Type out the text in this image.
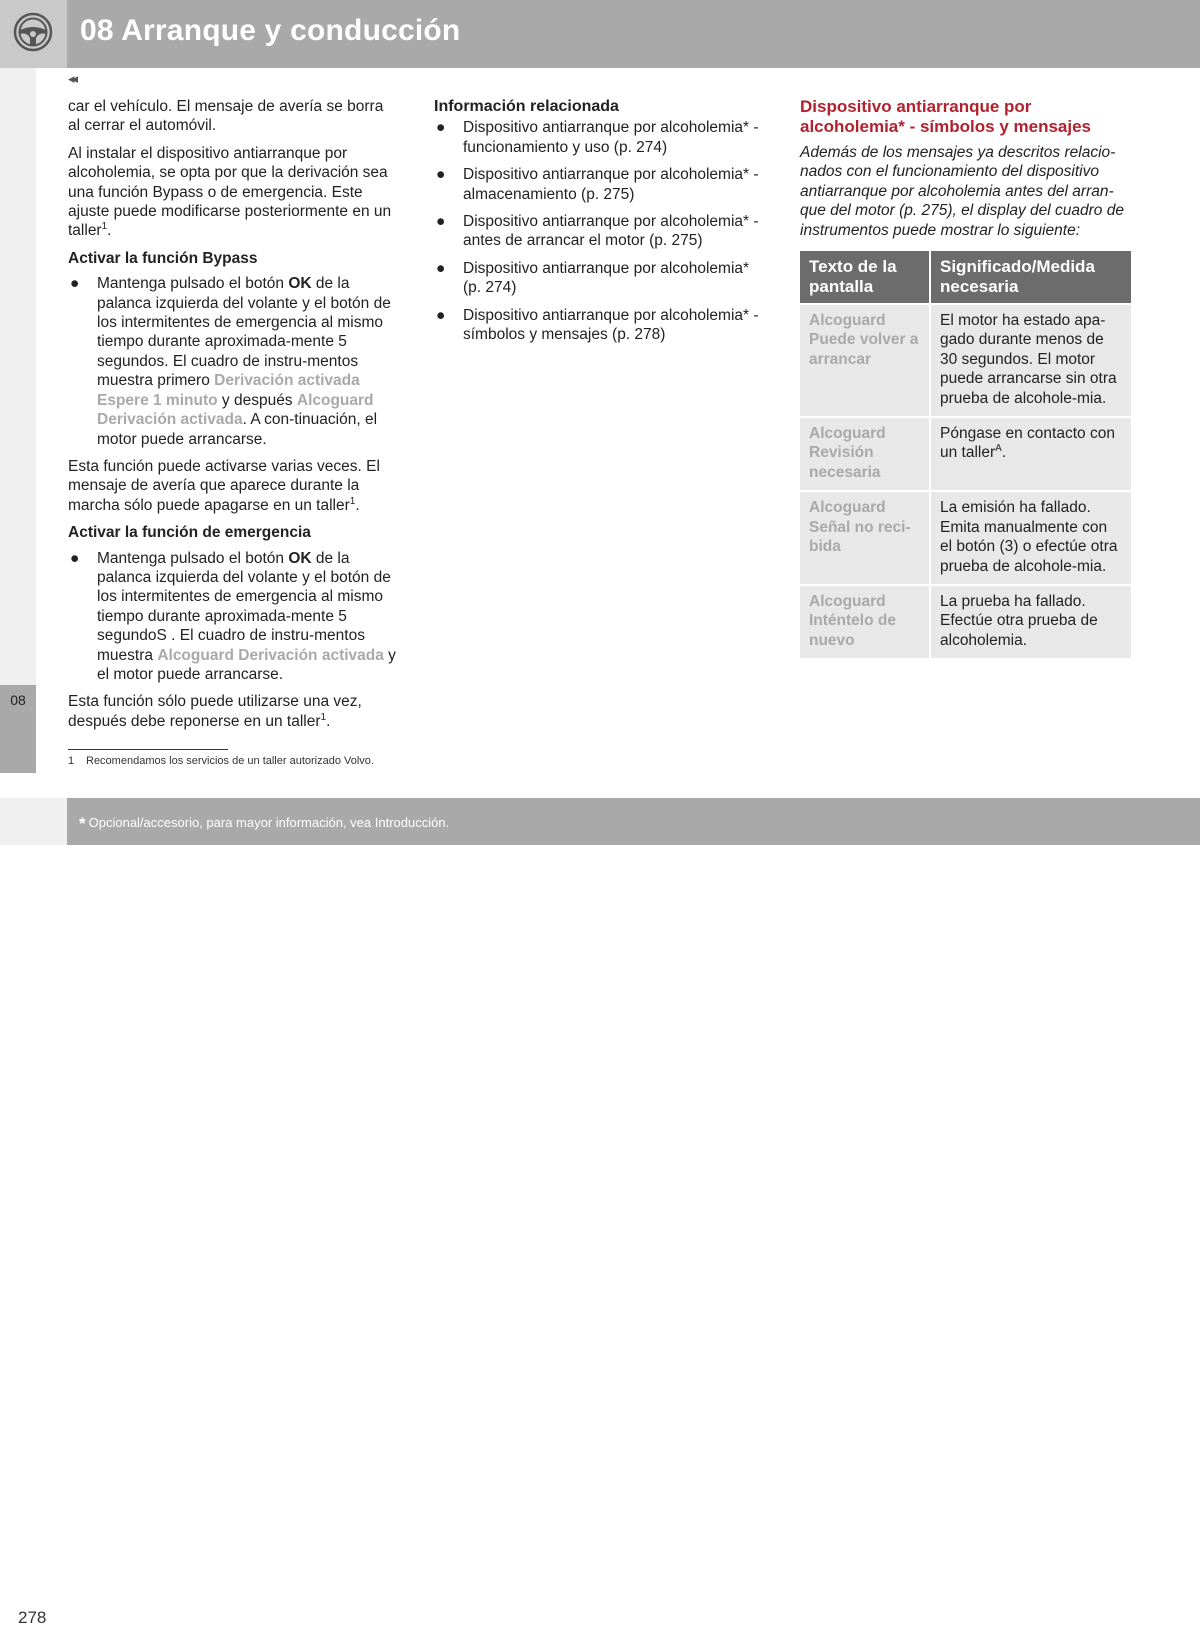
08 Arranque y conducción
08
◂◂

car el vehículo. El mensaje de avería se borra al cerrar el automóvil.

Al instalar el dispositivo antiarranque por alcoholemia, se opta por que la derivación sea una función Bypass o de emergencia. Este ajuste puede modificarse posteriormente en un taller$^1$.

Activar la función Bypass
● Mantenga pulsado el botón OK de la palanca izquierda del volante y el botón de los intermitentes de emergencia al mismo tiempo durante aproximada-mente 5 segundos. El cuadro de instru-mentos muestra primero Derivación activada Espere 1 minuto y después Alcoguard Derivación activada. A con-tinuación, el motor puede arrancarse.

Esta función puede activarse varias veces. El mensaje de avería que aparece durante la marcha sólo puede apagarse en un taller$^1$.

Activar la función de emergencia
● Mantenga pulsado el botón OK de la palanca izquierda del volante y el botón de los intermitentes de emergencia al mismo tiempo durante aproximada-mente 5 segundoS . El cuadro de instru-mentos muestra Alcoguard Derivación activada y el motor puede arrancarse.

Esta función sólo puede utilizarse una vez, después debe reponerse en un taller$^1$.

Información relacionada
● Dispositivo antiarranque por alcoholemia* - funcionamiento y uso (p. 274)
● Dispositivo antiarranque por alcoholemia* - almacenamiento (p. 275)
● Dispositivo antiarranque por alcoholemia* - antes de arrancar el motor (p. 275)
● Dispositivo antiarranque por alcoholemia* (p. 274)
● Dispositivo antiarranque por alcoholemia* - símbolos y mensajes (p. 278)
Dispositivo antiarranque por alcoholemia* - símbolos y mensajes

Además de los mensajes ya descritos relacio-nados con el funcionamiento del dispositivo antiarranque por alcoholemia antes del arran-que del motor (p. 275), el display del cuadro de instrumentos puede mostrar lo siguiente:

Texto de la pantalla	Significado/Medida necesaria
Alcoguard Puede volver a arrancar	El motor ha estado apa-gado durante menos de 30 segundos. El motor puede arrancarse sin otra prueba de alcohole-mia.
Alcoguard Revisión necesaria	Póngase en contacto con un taller$^A$.
Alcoguard Señal no reci-bida	La emisión ha fallado. Emita manualmente con el botón (3) o efectúe otra prueba de alcohole-mia.
Alcoguard Inténtelo de nuevo	La prueba ha fallado. Efectúe otra prueba de alcoholemia.
1 Recomendamos los servicios de un taller autorizado Volvo.
278
* Opcional/accesorio, para mayor información, vea Introducción.
